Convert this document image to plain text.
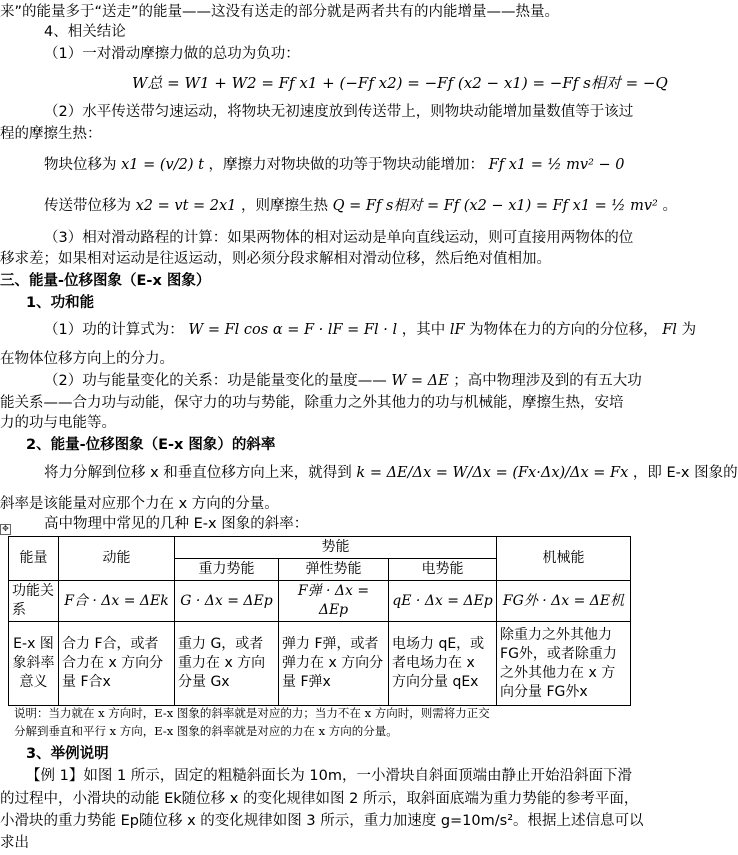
来”的能量多于“送走”的能量——这没有送走的部分就是两者共有的内能增量——热量。
4、相关结论
（1）一对滑动摩擦力做的总功为负功：
W总 = W1 + W2 = Ff x1 + (−Ff x2) = −Ff (x2 − x1) = −Ff s相对 = −Q
（2）水平传送带匀速运动，将物块无初速度放到传送带上，则物块动能增加量数值等于该过
程的摩擦生热：
物块位移为 x1 = (v/2) t ，摩擦力对物块做的功等于物块动能增加： Ff x1 = ½ mv² − 0
传送带位移为 x2 = vt = 2x1 ，则摩擦生热 Q = Ff s相对 = Ff (x2 − x1) = Ff x1 = ½ mv² 。
（3）相对滑动路程的计算：如果两物体的相对运动是单向直线运动，则可直接用两物体的位
移求差；如果相对运动是往返运动，则必须分段求解相对滑动位移，然后绝对值相加。
三、能量-位移图象（E-x 图象）
1、功和能
（1）功的计算式为： W = Fl cos α = F · lF = Fl · l ，其中 lF 为物体在力的方向的分位移， Fl 为
在物体位移方向上的分力。
（2）功与能量变化的关系：功是能量变化的量度—— W = ΔE ；高中物理涉及到的有五大功
能关系——合力功与动能，保守力的功与势能，除重力之外其他力的功与机械能，摩擦生热，安培
力的功与电能等。
2、能量-位移图象（E-x 图象）的斜率
将力分解到位移 x 和垂直位移方向上来，就得到 k = ΔE/Δx = W/Δx = (Fx·Δx)/Δx = Fx ，即 E-x 图象的
斜率是该能量对应那个力在 x 方向的分量。
高中物理中常见的几种 E-x 图象的斜率：
✥
能量	动能	势能			机械能
		重力势能	弹性势能	电势能	
功能关系	F合 · Δx = ΔEk	G · Δx = ΔEp	F弹 · Δx = ΔEp	qE · Δx = ΔEp	FG外 · Δx = ΔE机
E-x 图象斜率意义	合力 F合，或者合力在 x 方向分量 F合x	重力 G，或者重力在 x 方向分量 Gx	弹力 F弹，或者弹力在 x 方向分量 F弹x	电场力 qE，或者电场力在 x 方向分量 qEx	除重力之外其他力 FG外，或者除重力之外其他力在 x 方向分量 FG外x
说明：当力就在 x 方向时，E-x 图象的斜率就是对应的力；当力不在 x 方向时，则需将力正交
分解到垂直和平行 x 方向，E-x 图象的斜率就是对应的力在 x 方向的分量。
3、举例说明
【例 1】如图 1 所示，固定的粗糙斜面长为 10m，一小滑块自斜面顶端由静止开始沿斜面下滑
的过程中，小滑块的动能 Ek随位移 x 的变化规律如图 2 所示，取斜面底端为重力势能的参考平面，
小滑块的重力势能 Ep随位移 x 的变化规律如图 3 所示，重力加速度 g=10m/s²。根据上述信息可以
求出
